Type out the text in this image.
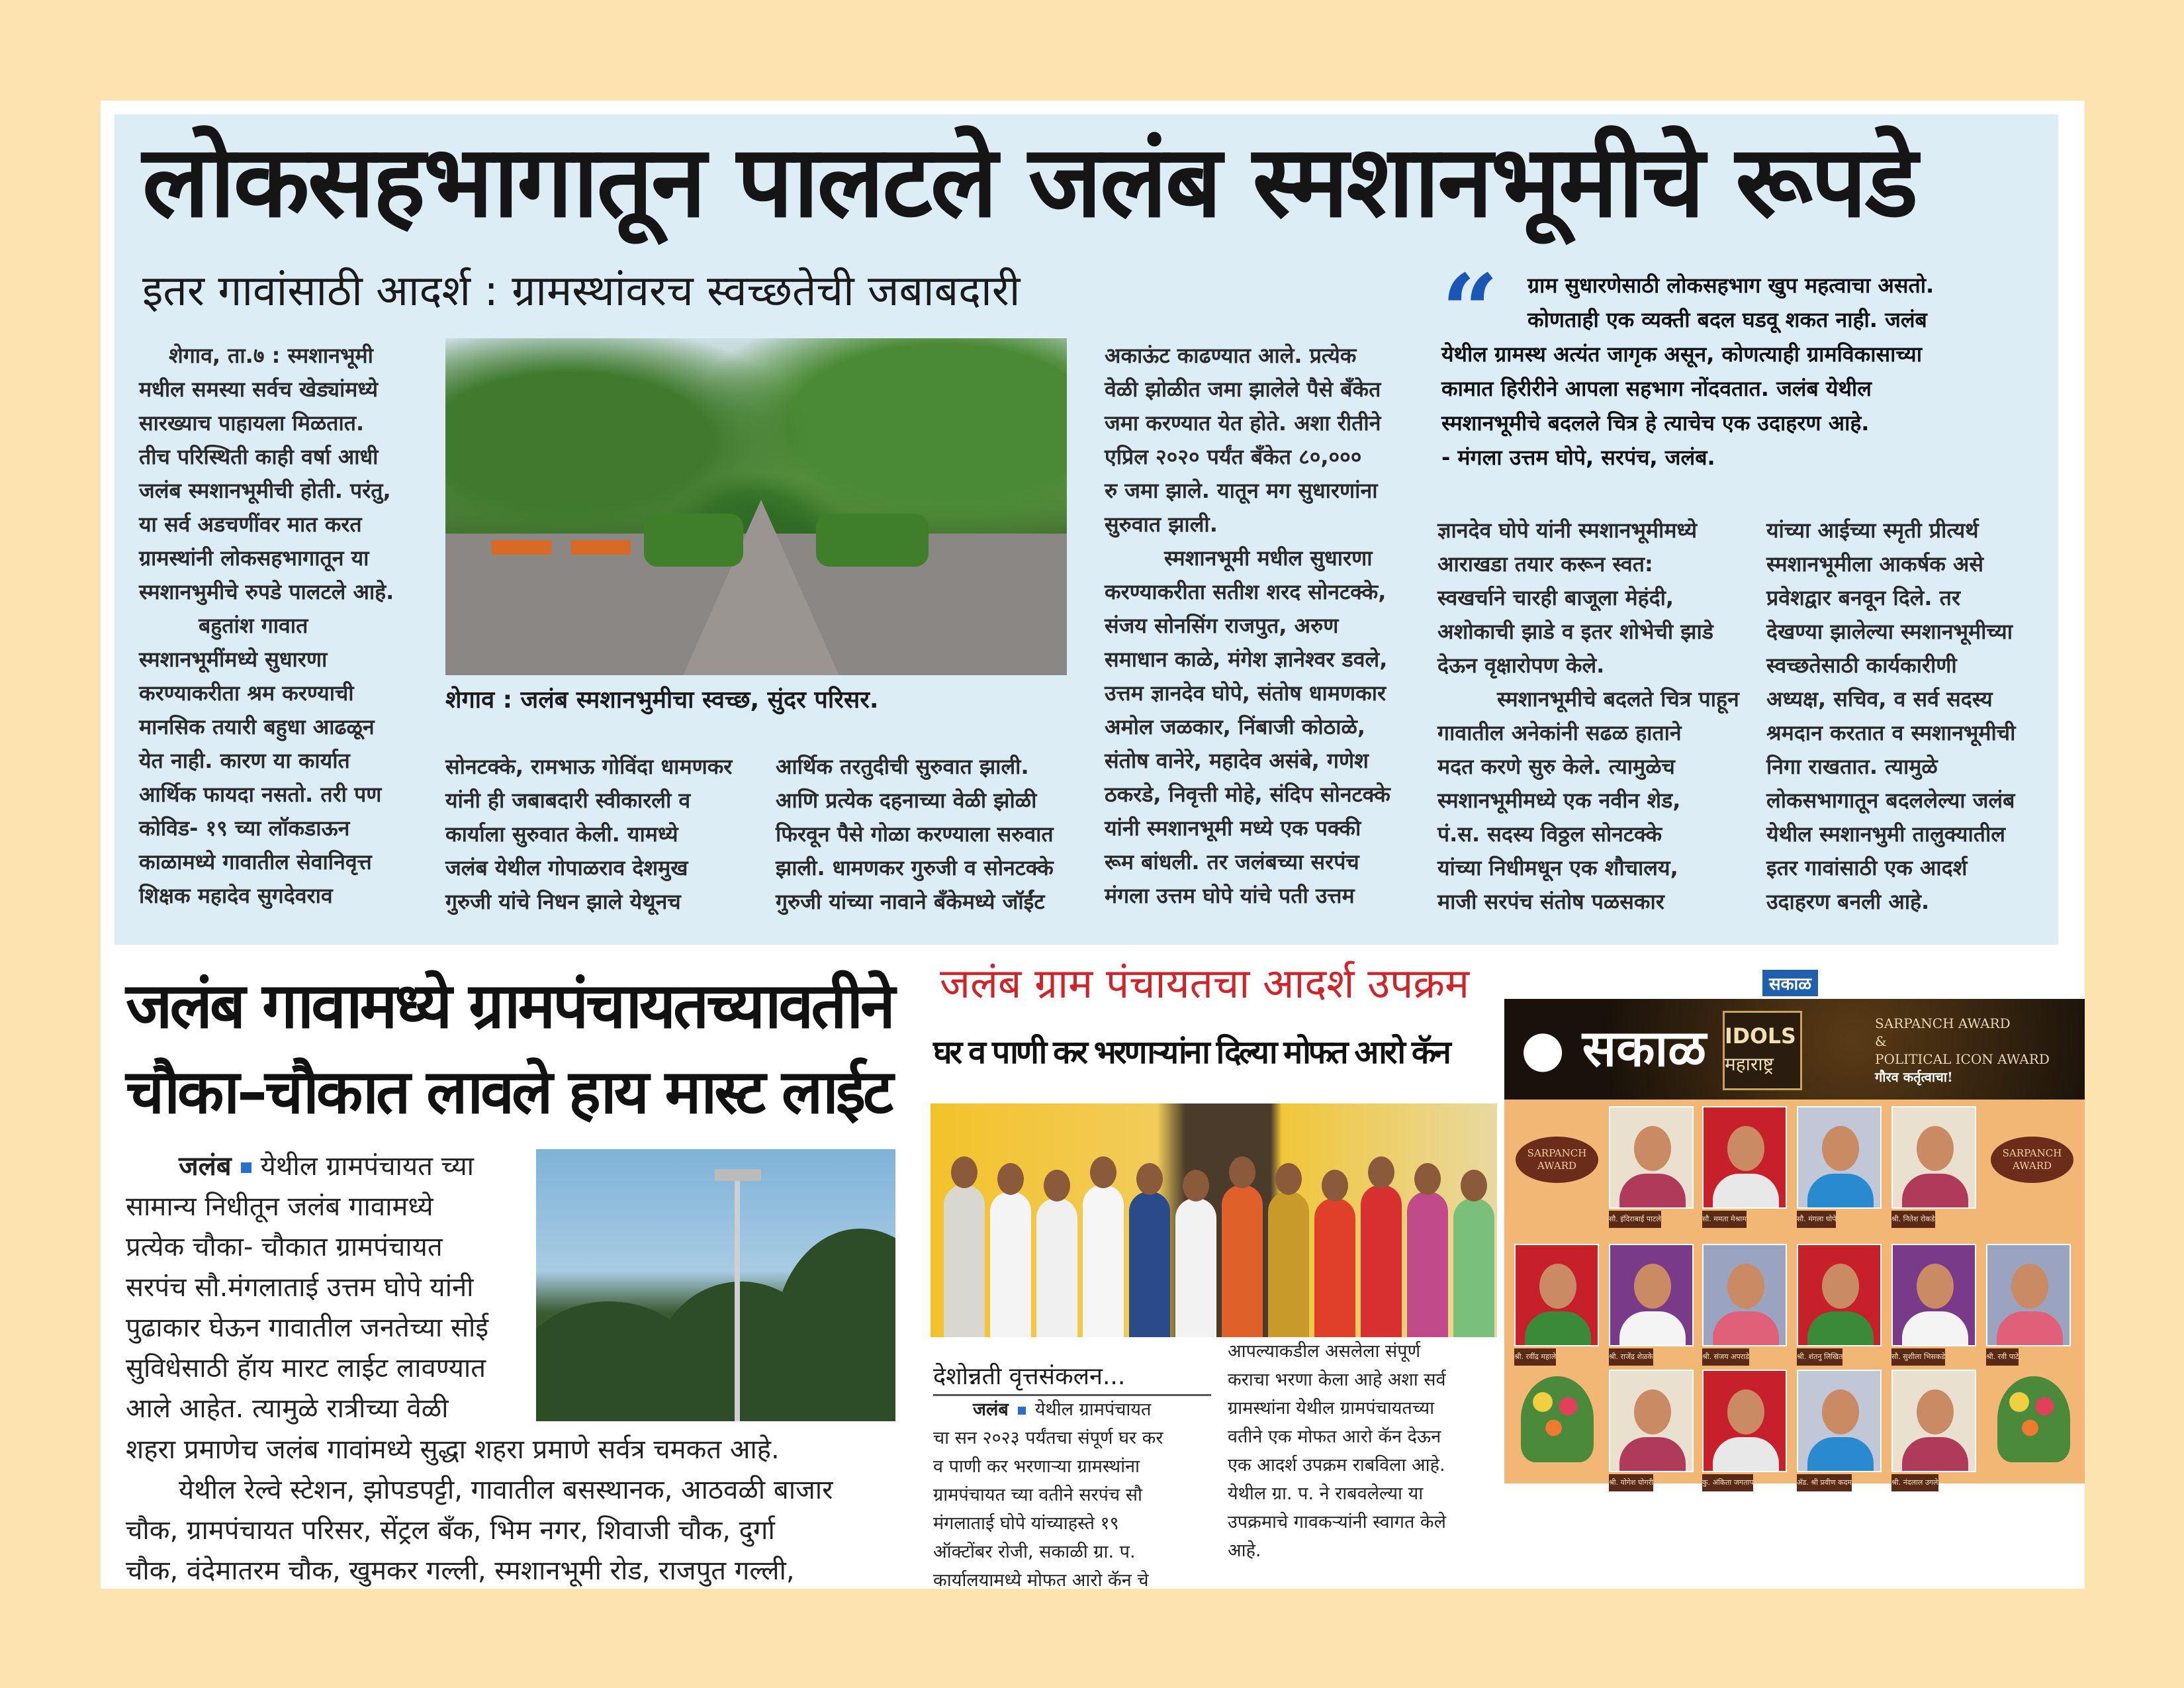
लोकसहभागातून पालटले जलंब स्मशानभूमीचे रूपडे
इतर गावांसाठी आदर्श : ग्रामस्थांवरच स्वच्छतेची जबाबदारी
शेगाव, ता.७ : स्मशानभूमी
मधील समस्या सर्वच खेड्यांमध्ये
सारख्याच पाहायला मिळतात.
तीच परिस्थिती काही वर्षा आधी
जलंब स्मशानभूमीची होती. परंतु,
या सर्व अडचणींवर मात करत
ग्रामस्थांनी लोकसहभागातून या
स्मशानभुमीचे रुपडे पालटले आहे.
बहुतांश गावात
स्मशानभूमींमध्ये सुधारणा
करण्याकरीता श्रम करण्याची
मानसिक तयारी बहुधा आढळून
येत नाही. कारण या कार्यात
आर्थिक फायदा नसतो. तरी पण
कोविड- १९ च्या लॉकडाऊन
काळामध्ये गावातील सेवानिवृत्त
शिक्षक महादेव सुगदेवराव
शेगाव : जलंब स्मशानभुमीचा स्वच्छ, सुंदर परिसर.
सोनटक्के, रामभाऊ गोविंदा धामणकर
यांनी ही जबाबदारी स्वीकारली व
कार्याला सुरुवात केली. यामध्ये
जलंब येथील गोपाळराव देशमुख
गुरुजी यांचे निधन झाले येथूनच
आर्थिक तरतुदीची सुरुवात झाली.
आणि प्रत्येक दहनाच्या वेळी झोळी
फिरवून पैसे गोळा करण्याला सरुवात
झाली. धामणकर गुरुजी व सोनटक्के
गुरुजी यांच्या नावाने बँकेमध्ये जॉईंट
अकाऊंट काढण्यात आले. प्रत्येक
वेळी झोळीत जमा झालेले पैसे बँकेत
जमा करण्यात येत होते. अशा रीतीने
एप्रिल २०२० पर्यंत बँकेत ८०,०००
रु जमा झाले. यातून मग सुधारणांना
सुरुवात झाली.
स्मशानभूमी मधील सुधारणा
करण्याकरीता सतीश शरद सोनटक्के,
संजय सोनसिंग राजपुत, अरुण
समाधान काळे, मंगेश ज्ञानेश्वर डवले,
उत्तम ज्ञानदेव घोपे, संतोष धामणकार
अमोल जळकार, निंबाजी कोठाळे,
संतोष वानेरे, महादेव असंबे, गणेश
ठकरडे, निवृत्ती मोहे, संदिप सोनटक्के
यांनी स्मशानभूमी मध्ये एक पक्की
रूम बांधली. तर जलंबच्या सरपंच
मंगला उत्तम घोपे यांचे पती उत्तम
“	ग्राम सुधारणेसाठी लोकसहभाग खुप महत्वाचा असतो.
कोणताही एक व्यक्ती बदल घडवू शकत नाही. जलंब
येथील ग्रामस्थ अत्यंत जागृक असून, कोणत्याही ग्रामविकासाच्या
कामात हिरीरीने आपला सहभाग नोंदवतात. जलंब येथील
स्मशानभूमीचे बदलले चित्र हे त्याचेच एक उदाहरण आहे.
- मंगला उत्तम घोपे, सरपंच, जलंब.
ज्ञानदेव घोपे यांनी स्मशानभूमीमध्ये
आराखडा तयार करून स्वत:
स्वखर्चाने चारही बाजूला मेहंदी,
अशोकाची झाडे व इतर शोभेची झाडे
देऊन वृक्षारोपण केले.
स्मशानभूमीचे बदलते चित्र पाहून
गावातील अनेकांनी सढळ हाताने
मदत करणे सुरु केले. त्यामुळेच
स्मशानभूमीमध्ये एक नवीन शेड,
पं.स. सदस्य विठ्ठल सोनटक्के
यांच्या निधीमधून एक शौचालय,
माजी सरपंच संतोष पळसकार
यांच्या आईच्या स्मृती प्रीत्यर्थ
स्मशानभूमीला आकर्षक असे
प्रवेशद्वार बनवून दिले. तर
देखण्या झालेल्या स्मशानभूमीच्या
स्वच्छतेसाठी कार्यकारीणी
अध्यक्ष, सचिव, व सर्व सदस्य
श्रमदान करतात व स्मशानभूमीची
निगा राखतात. त्यामुळे
लोकसभागातून बदललेल्या जलंब
येथील स्मशानभुमी तालुक्यातील
इतर गावांसाठी एक आदर्श
उदाहरण बनली आहे.
जलंब गावामध्ये ग्रामपंचायतच्यावतीने
चौका–चौकात लावले हाय मास्ट लाईट
जलंब येथील ग्रामपंचायत च्या
सामान्य निधीतून जलंब गावामध्ये
प्रत्येक चौका- चौकात ग्रामपंचायत
सरपंच सौ.मंगलाताई उत्तम घोपे यांनी
पुढाकार घेऊन गावातील जनतेच्या सोई
सुविधेसाठी हॅाय मारट लाईट लावण्यात
आले आहेत. त्यामुळे रात्रीच्या वेळी
शहरा प्रमाणेच जलंब गावांमध्ये सुद्धा शहरा प्रमाणे सर्वत्र चमकत आहे.
येथील रेल्वे स्टेशन, झोपडपट्टी, गावातील बसस्थानक, आठवळी बाजार
चौक, ग्रामपंचायत परिसर, सेंट्रल बँक, भिम नगर, शिवाजी चौक, दुर्गा
चौक, वंदेमातरम चौक, खुमकर गल्ली, स्मशानभूमी रोड, राजपुत गल्ली,
जलंब ग्राम पंचायतचा आदर्श उपक्रम
घर व पाणी कर भरणाऱ्यांना दिल्या मोफत आरो कॅन
देशोन्नती वृत्तसंकलन...
जलंब येथील ग्रामपंचायत
चा सन २०२३ पर्यंतचा संपूर्ण घर कर
व पाणी कर भरणाऱ्या ग्रामस्थांना
ग्रामपंचायत च्या वतीने सरपंच सौ
मंगलाताई घोपे यांच्याहस्ते १९
ऑक्टोंबर रोजी, सकाळी ग्रा. प.
कार्यालयामध्ये मोफत आरो कॅन चे
आपल्याकडील असलेला संपूर्ण
कराचा भरणा केला आहे अशा सर्व
ग्रामस्थांना येथील ग्रामपंचायतच्या
वतीने एक मोफत आरो कॅन देऊन
एक आदर्श उपक्रम राबविला आहे.
येथील ग्रा. प. ने राबवलेल्या या
उपक्रमाचे गावकऱ्यांनी स्वागत केले
आहे.
सकाळ
● सकाळ IDOLS
महाराष्ट्र
SARPANCH AWARD
&
POLITICAL ICON AWARD
गौरव कर्तृत्वाचा!
SARPANCH AWARD
SARPANCH AWARD
सौ. इंदिराबाई पाटले	सौ. ममता मेश्राम	सौ. मंगला घोपे	श्री. नितेश रोकडे
श्री. रवींद्र महाले	श्री. राजेंद्र शेळके	श्री. संजय अपराडे	श्री. शंतनु लिखित	सौ. सुशीला भिसकडे	श्री. रवी पाटे
श्री. योगेश घोगरी	कु. अंकिता जगताप	ॲड. श्री प्रवीण कदम	श्री. नंदलाल उगले
